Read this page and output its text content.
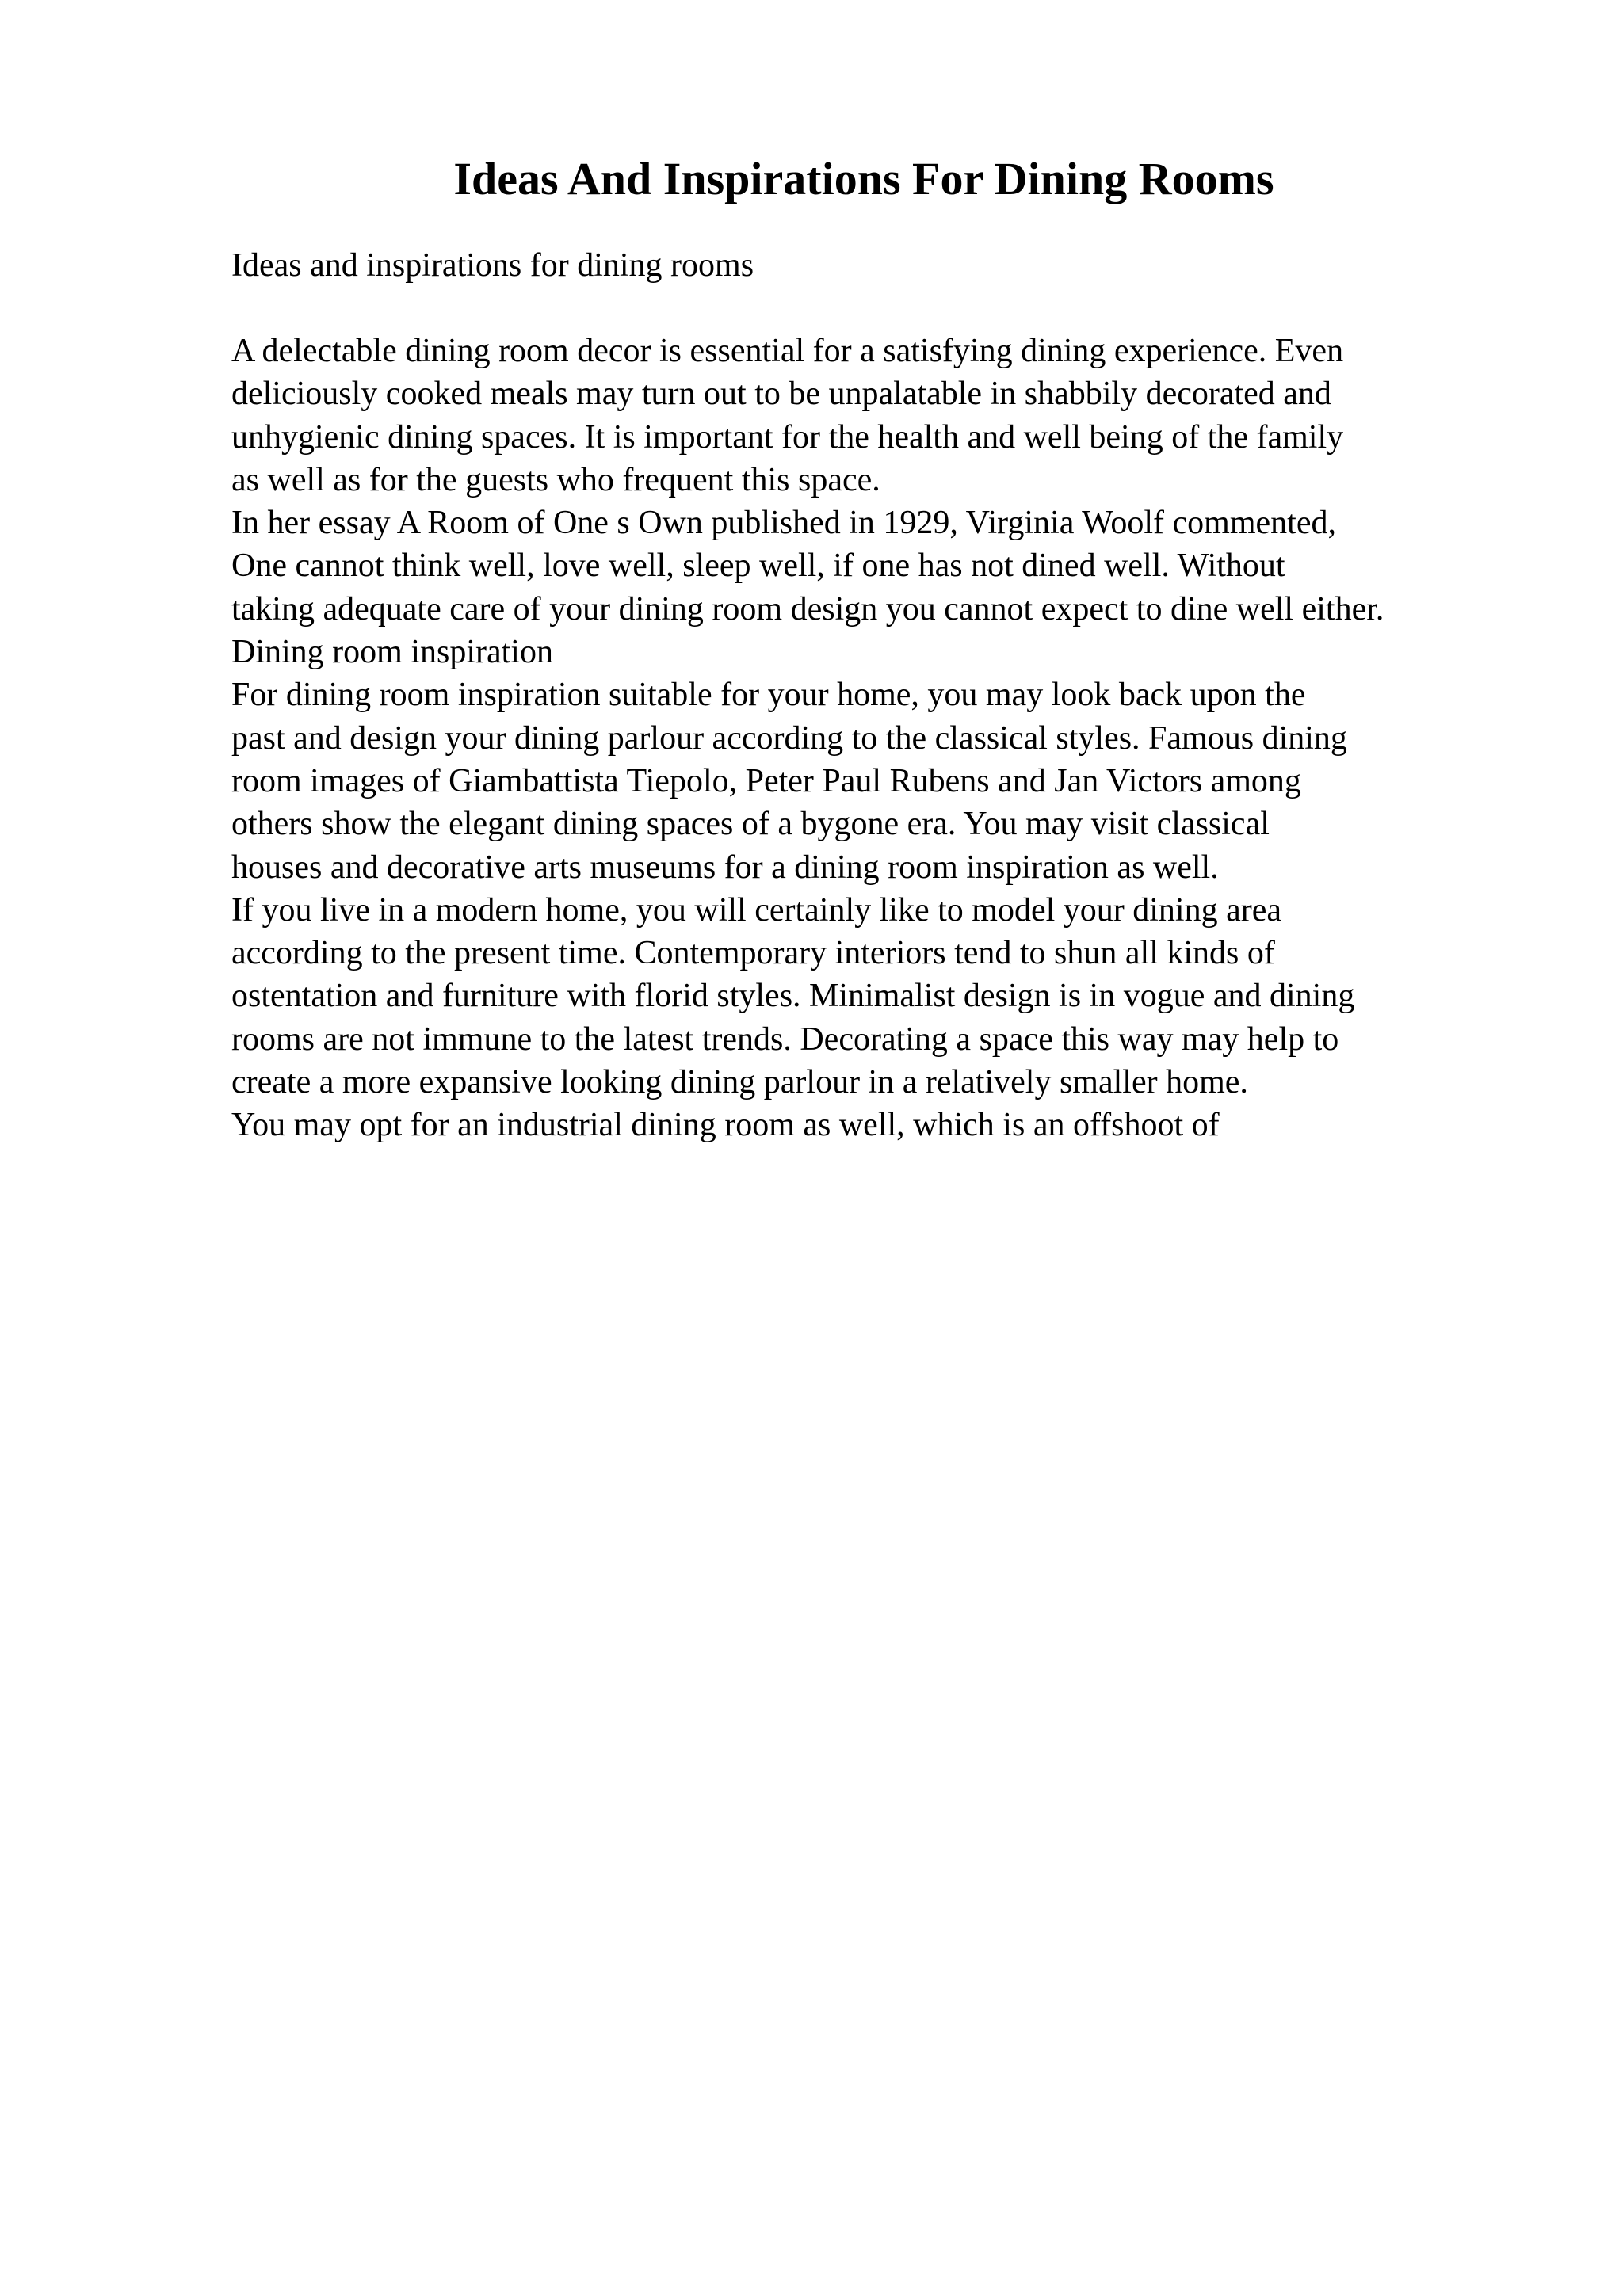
Ideas And Inspirations For Dining Rooms

Ideas and inspirations for dining rooms

A delectable dining room decor is essential for a satisfying dining experience. Even
deliciously cooked meals may turn out to be unpalatable in shabbily decorated and
unhygienic dining spaces. It is important for the health and well being of the family
as well as for the guests who frequent this space.
In her essay A Room of One s Own published in 1929, Virginia Woolf commented,
One cannot think well, love well, sleep well, if one has not dined well. Without
taking adequate care of your dining room design you cannot expect to dine well either.
Dining room inspiration
For dining room inspiration suitable for your home, you may look back upon the
past and design your dining parlour according to the classical styles. Famous dining
room images of Giambattista Tiepolo, Peter Paul Rubens and Jan Victors among
others show the elegant dining spaces of a bygone era. You may visit classical
houses and decorative arts museums for a dining room inspiration as well.
If you live in a modern home, you will certainly like to model your dining area
according to the present time. Contemporary interiors tend to shun all kinds of
ostentation and furniture with florid styles. Minimalist design is in vogue and dining
rooms are not immune to the latest trends. Decorating a space this way may help to
create a more expansive looking dining parlour in a relatively smaller home.
You may opt for an industrial dining room as well, which is an offshoot of
